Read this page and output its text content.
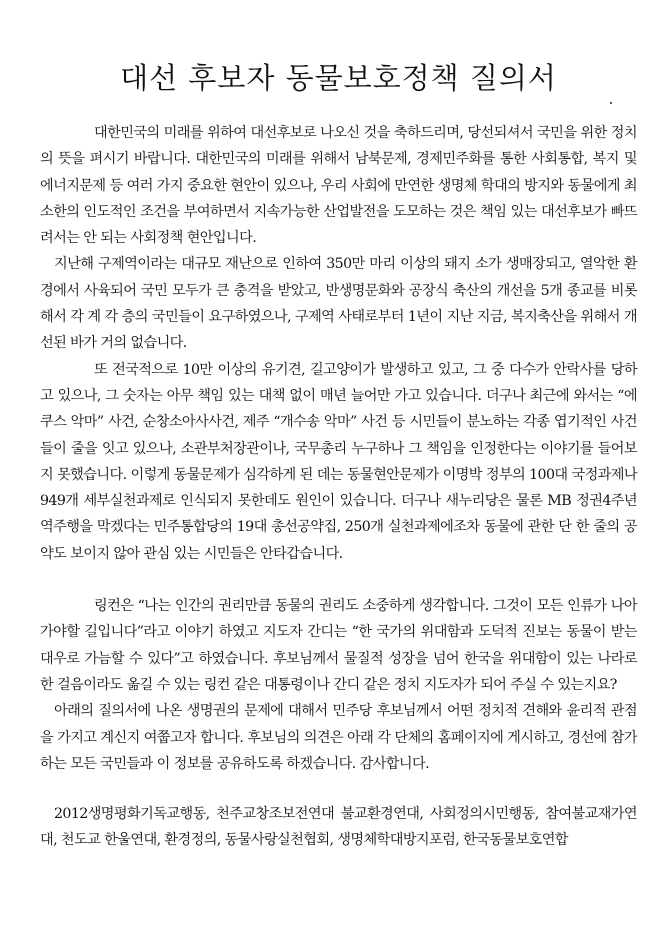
대선 후보자 동물보호정책 질의서

대한민국의 미래를 위하여 대선후보로 나오신 것을 축하드리며, 당선되셔서 국민을 위한 정치의 뜻을 펴시기 바랍니다. 대한민국의 미래를 위해서 남북문제, 경제민주화를 통한 사회통합, 복지 및 에너지문제 등 여러 가지 중요한 현안이 있으나, 우리 사회에 만연한 생명체 학대의 방지와 동물에게 최소한의 인도적인 조건을 부여하면서 지속가능한 산업발전을 도모하는 것은 책임 있는 대선후보가 빠뜨려서는 안 되는 사회정책 현안입니다.

지난해 구제역이라는 대규모 재난으로 인하여 350만 마리 이상의 돼지 소가 생매장되고, 열악한 환경에서 사육되어 국민 모두가 큰 충격을 받았고, 반생명문화와 공장식 축산의 개선을 5개 종교를 비롯해서 각 계 각 층의 국민들이 요구하였으나, 구제역 사태로부터 1년이 지난 지금, 복지축산을 위해서 개선된 바가 거의 없습니다.

또 전국적으로 10만 이상의 유기견, 길고양이가 발생하고 있고, 그 중 다수가 안락사를 당하고 있으나, 그 숫자는 아무 책임 있는 대책 없이 매년 늘어만 가고 있습니다. 더구나 최근에 와서는 “에쿠스 악마” 사건, 순창소아사사건, 제주 “개수송 악마” 사건 등 시민들이 분노하는 각종 엽기적인 사건들이 줄을 잇고 있으나, 소관부처장관이나, 국무총리 누구하나 그 책임을 인정한다는 이야기를 들어보지 못했습니다. 이렇게 동물문제가 심각하게 된 데는 동물현안문제가 이명박 정부의 100대 국정과제나 949개 세부실천과제로 인식되지 못한데도 원인이 있습니다. 더구나 새누리당은 물론 MB 정권4주년 역주행을 막겠다는 민주통합당의 19대 총선공약집, 250개 실천과제에조차 동물에 관한 단 한 줄의 공약도 보이지 않아 관심 있는 시민들은 안타갑습니다.

링컨은 “나는 인간의 권리만큼 동물의 권리도 소중하게 생각합니다. 그것이 모든 인류가 나아가야할 길입니다”라고 이야기 하였고 지도자 간디는 “한 국가의 위대함과 도덕적 진보는 동물이 받는 대우로 가늠할 수 있다”고 하였습니다. 후보님께서 물질적 성장을 넘어 한국을 위대함이 있는 나라로 한 걸음이라도 옮길 수 있는 링컨 같은 대통령이나 간디 같은 정치 지도자가 되어 주실 수 있는지요?

아래의 질의서에 나온 생명권의 문제에 대해서 민주당 후보님께서 어떤 정치적 견해와 윤리적 관점을 가지고 계신지 여쭙고자 합니다. 후보님의 의견은 아래 각 단체의 홈페이지에 게시하고, 경선에 참가하는 모든 국민들과 이 정보를 공유하도록 하겠습니다. 감사합니다.

2012생명평화기독교행동, 천주교창조보전연대 불교환경연대, 사회정의시민행동, 참여불교재가연대, 천도교 한울연대, 환경정의, 동물사랑실천협회, 생명체학대방지포럼, 한국동물보호연합
